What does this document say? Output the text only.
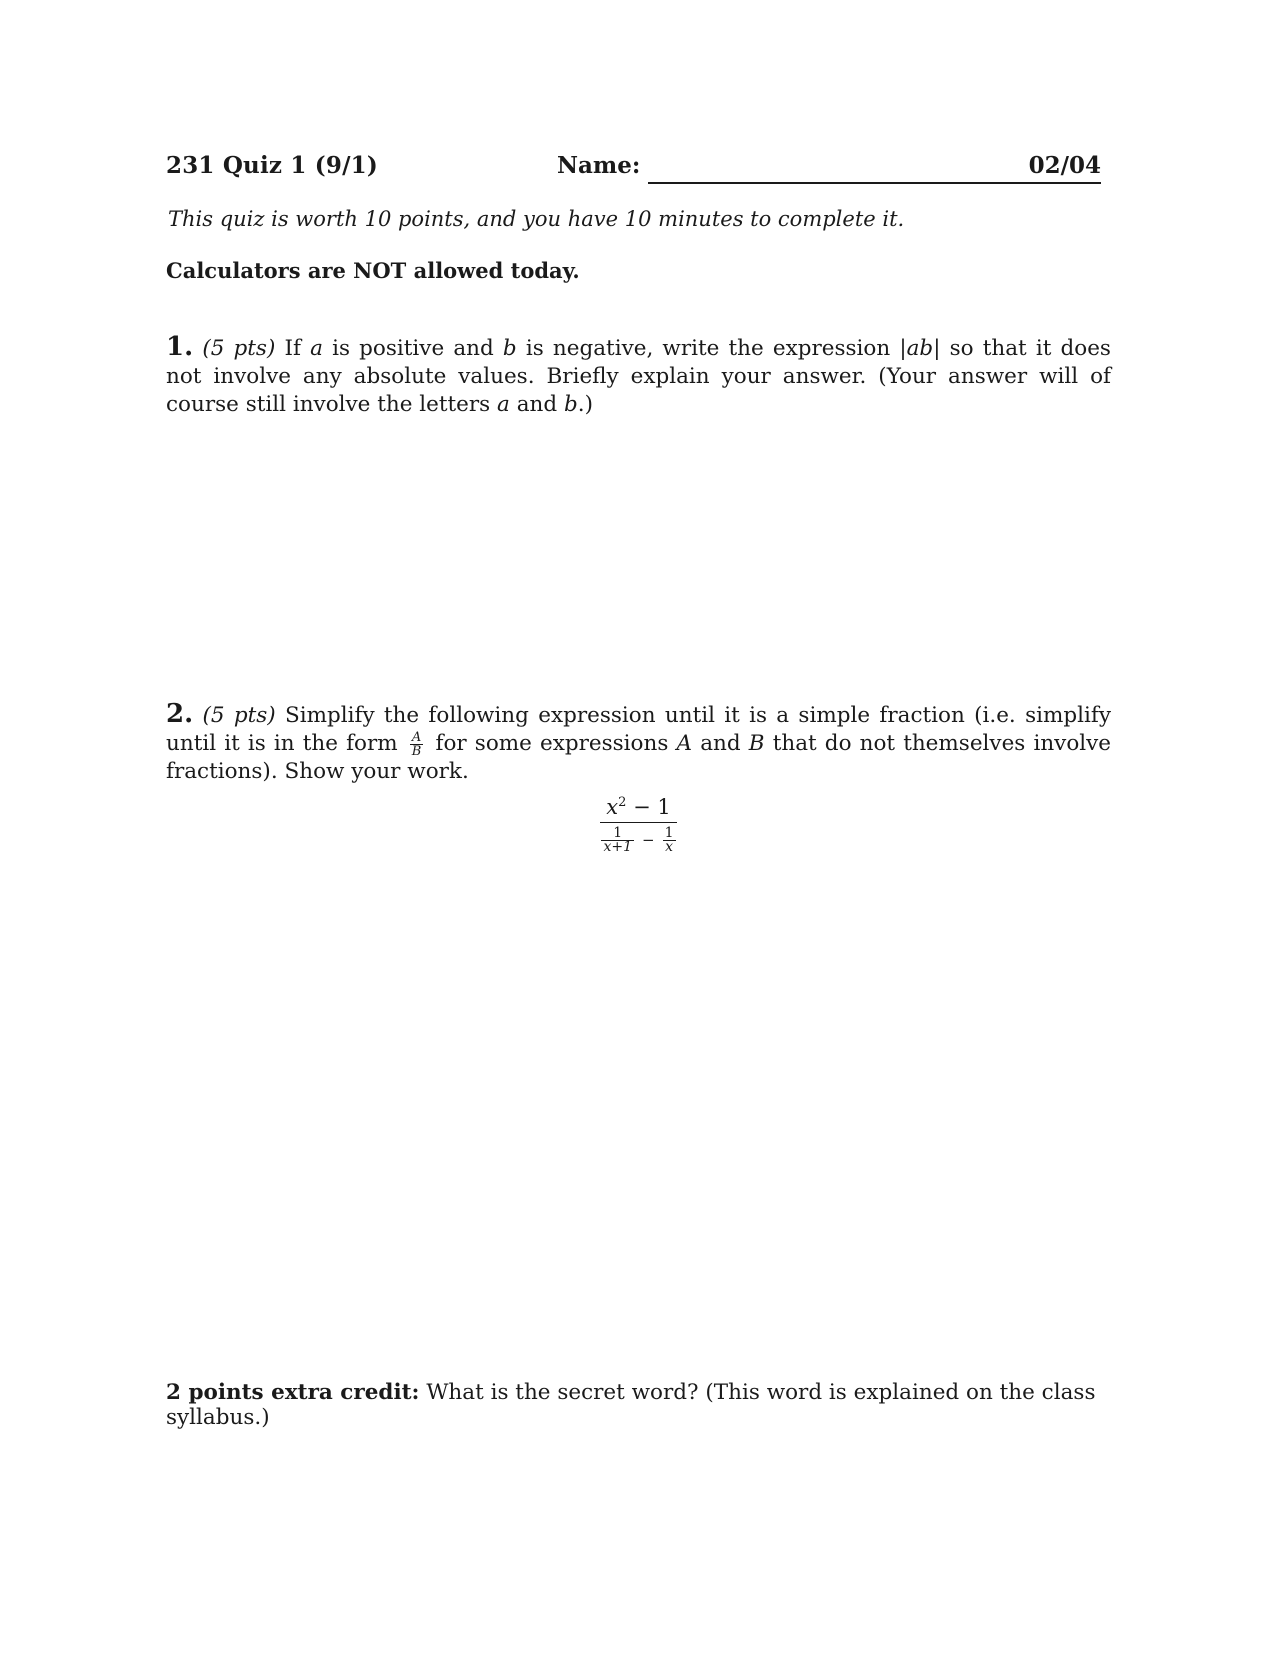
231 Quiz 1 (9/1)	Name:	02/04
This quiz is worth 10 points, and you have 10 minutes to complete it.
Calculators are NOT allowed today.
1. (5 pts) If a is positive and b is negative, write the expression |ab| so that it does not involve any absolute values. Briefly explain your answer. (Your answer will of course still involve the letters a and b.)
2. (5 pts) Simplify the following expression until it is a simple fraction (i.e. simplify until it is in the form $\frac{A}{B}$ for some expressions A and B that do not themselves involve fractions). Show your work.
$\frac{x^2 - 1}{\frac{1}{x+1} - \frac{1}{x}}$
2 points extra credit: What is the secret word? (This word is explained on the class syllabus.)
